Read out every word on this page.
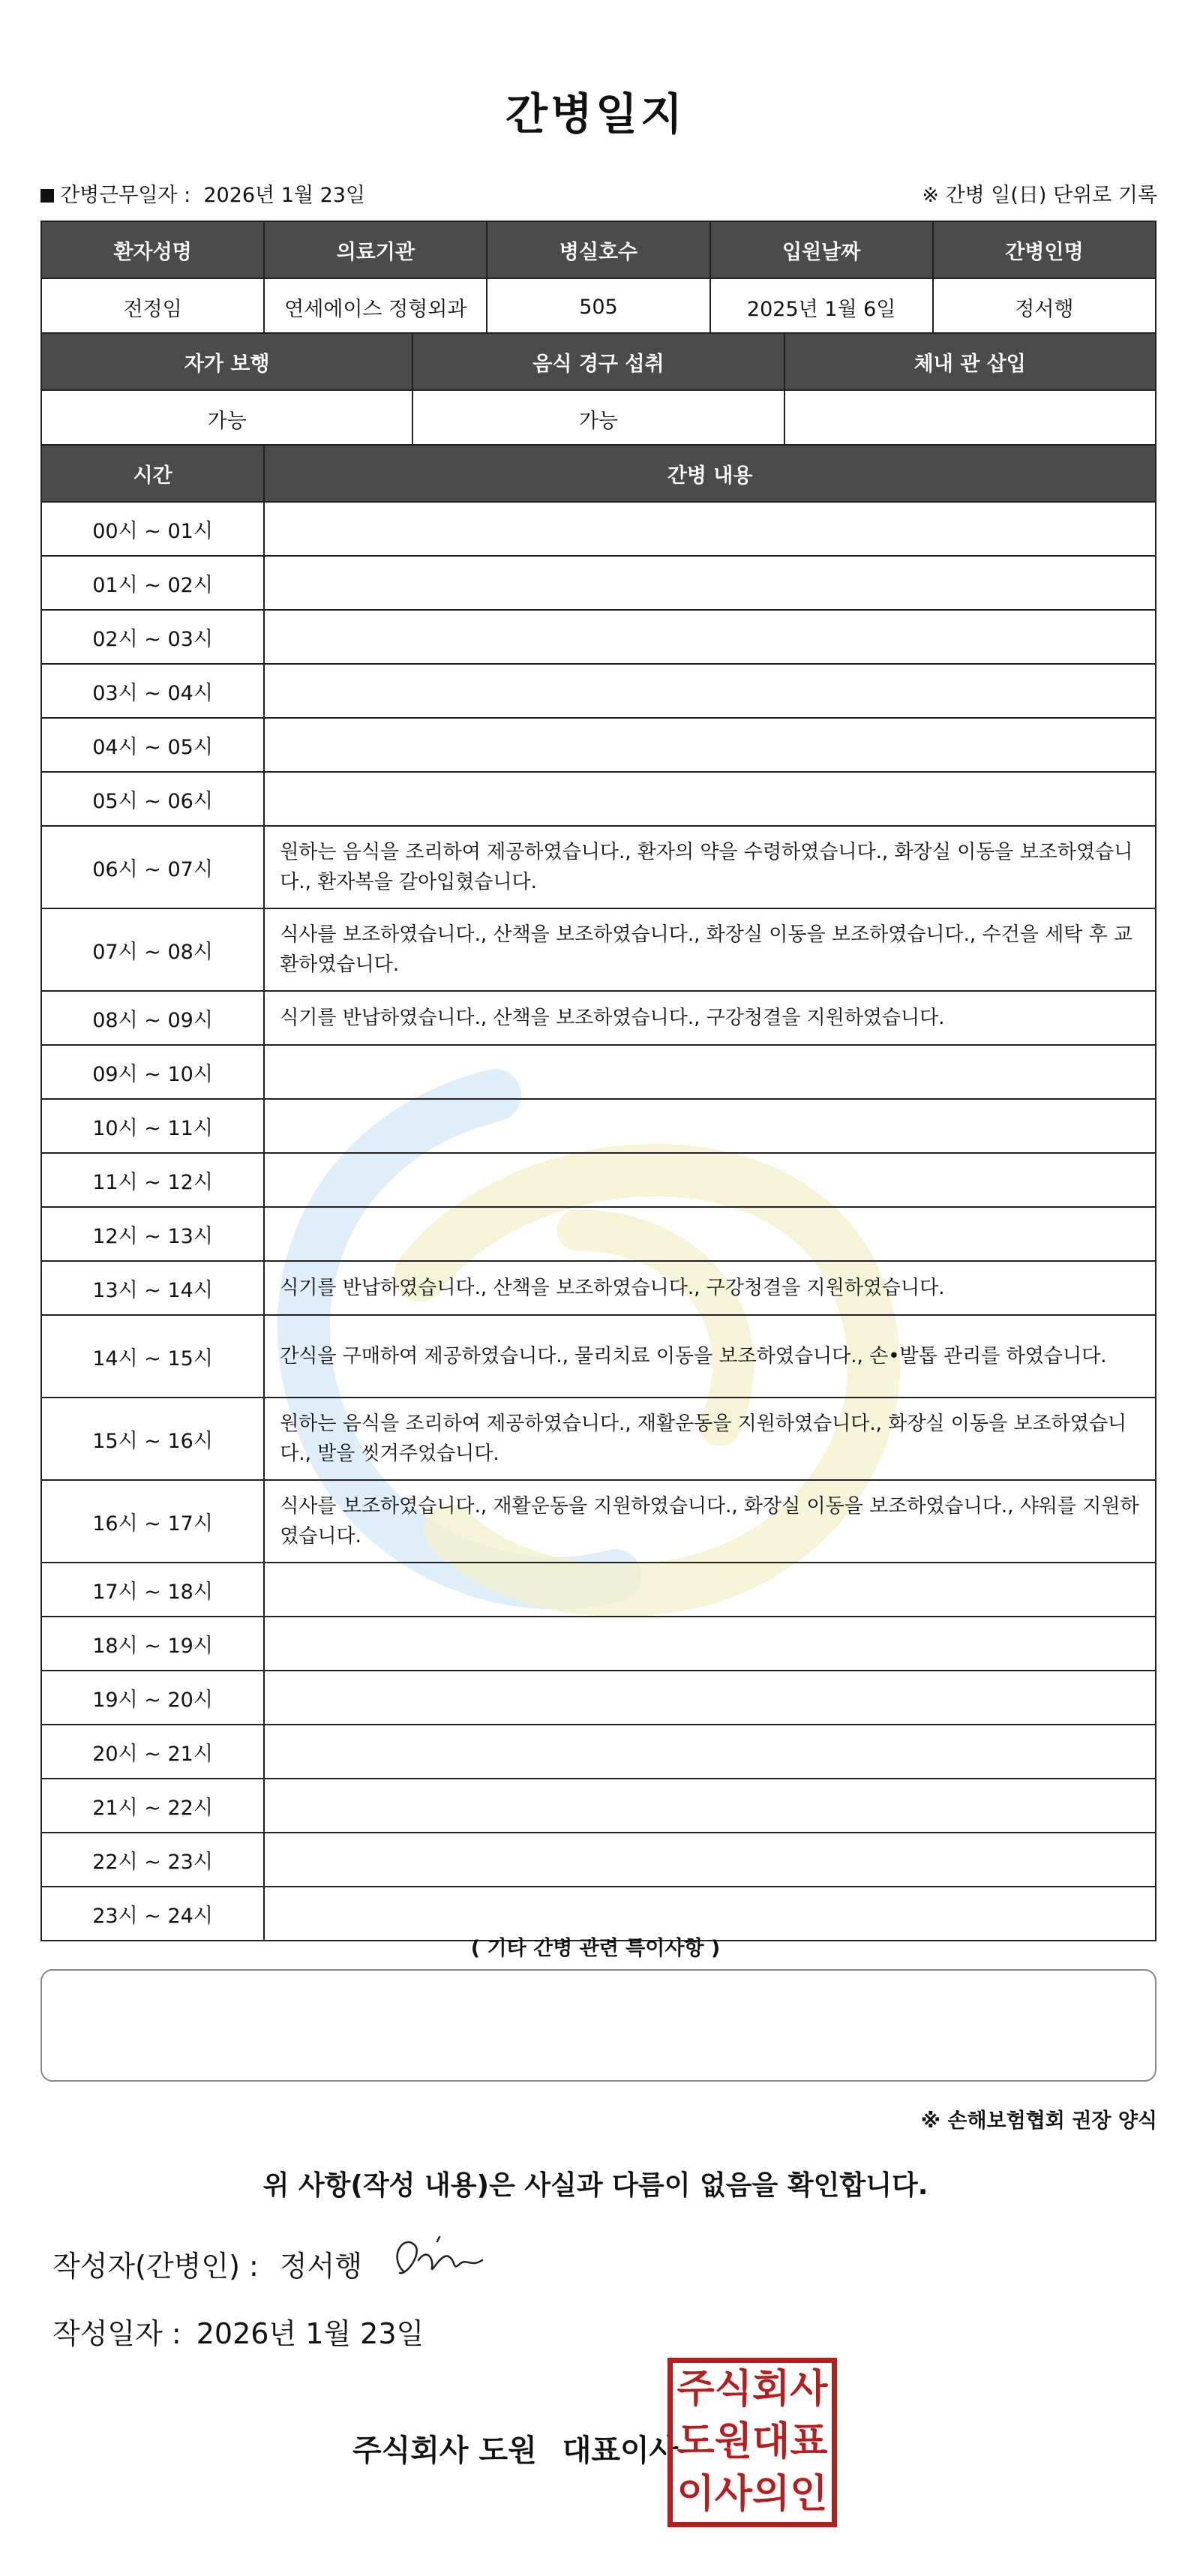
간병일지
간병근무일자 : 2026년 1월 23일	※ 간병 일(日) 단위로 기록
환자성명	의료기관	병실호수	입원날짜	간병인명
전정임	연세에이스 정형외과	505	2025년 1월 6일	정서행
자가 보행	음식 경구 섭취	체내 관 삽입
가능	가능	
시간	간병 내용
00시 ~ 01시	
01시 ~ 02시	
02시 ~ 03시	
03시 ~ 04시	
04시 ~ 05시	
05시 ~ 06시	
06시 ~ 07시	원하는 음식을 조리하여 제공하였습니다., 환자의 약을 수령하였습니다., 화장실 이동을 보조하였습니다., 환자복을 갈아입혔습니다.
07시 ~ 08시	식사를 보조하였습니다., 산책을 보조하였습니다., 화장실 이동을 보조하였습니다., 수건을 세탁 후 교환하였습니다.
08시 ~ 09시	식기를 반납하였습니다., 산책을 보조하였습니다., 구강청결을 지원하였습니다.
09시 ~ 10시	
10시 ~ 11시	
11시 ~ 12시	
12시 ~ 13시	
13시 ~ 14시	식기를 반납하였습니다., 산책을 보조하였습니다., 구강청결을 지원하였습니다.
14시 ~ 15시	간식을 구매하여 제공하였습니다., 물리치료 이동을 보조하였습니다., 손•발톱 관리를 하였습니다.
15시 ~ 16시	원하는 음식을 조리하여 제공하였습니다., 재활운동을 지원하였습니다., 화장실 이동을 보조하였습니다., 발을 씻겨주었습니다.
16시 ~ 17시	식사를 보조하였습니다., 재활운동을 지원하였습니다., 화장실 이동을 보조하였습니다., 샤워를 지원하였습니다.
17시 ~ 18시	
18시 ~ 19시	
19시 ~ 20시	
20시 ~ 21시	
21시 ~ 22시	
22시 ~ 23시	
23시 ~ 24시	
( 기타 간병 관련 특이사항 )
※ 손해보험협회 권장 양식
위 사항(작성 내용)은 사실과 다름이 없음을 확인합니다.
작성자(간병인) : 정서행
작성일자 : 2026년 1월 23일
주식회사 도원 대표이사
주식회사
도원대표
이사의인
